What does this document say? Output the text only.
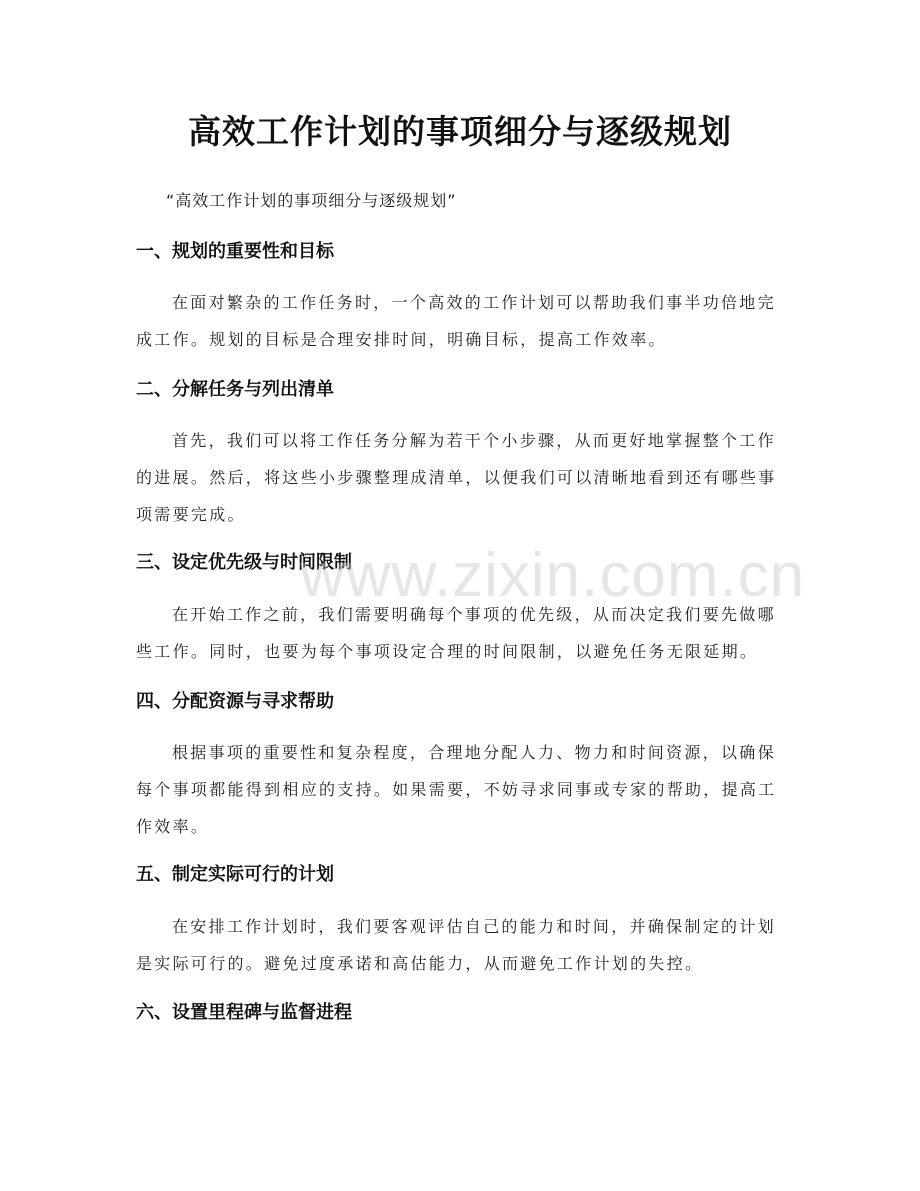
高效工作计划的事项细分与逐级规划

“高效工作计划的事项细分与逐级规划”

一、规划的重要性和目标

在面对繁杂的工作任务时，一个高效的工作计划可以帮助我们事半功倍地完成工作。规划的目标是合理安排时间，明确目标，提高工作效率。

二、分解任务与列出清单

首先，我们可以将工作任务分解为若干个小步骤，从而更好地掌握整个工作的进展。然后，将这些小步骤整理成清单，以便我们可以清晰地看到还有哪些事项需要完成。

三、设定优先级与时间限制

在开始工作之前，我们需要明确每个事项的优先级，从而决定我们要先做哪些工作。同时，也要为每个事项设定合理的时间限制，以避免任务无限延期。

四、分配资源与寻求帮助

根据事项的重要性和复杂程度，合理地分配人力、物力和时间资源，以确保每个事项都能得到相应的支持。如果需要，不妨寻求同事或专家的帮助，提高工作效率。

五、制定实际可行的计划

在安排工作计划时，我们要客观评估自己的能力和时间，并确保制定的计划是实际可行的。避免过度承诺和高估能力，从而避免工作计划的失控。

六、设置里程碑与监督进程
www.zixin.com.cn
